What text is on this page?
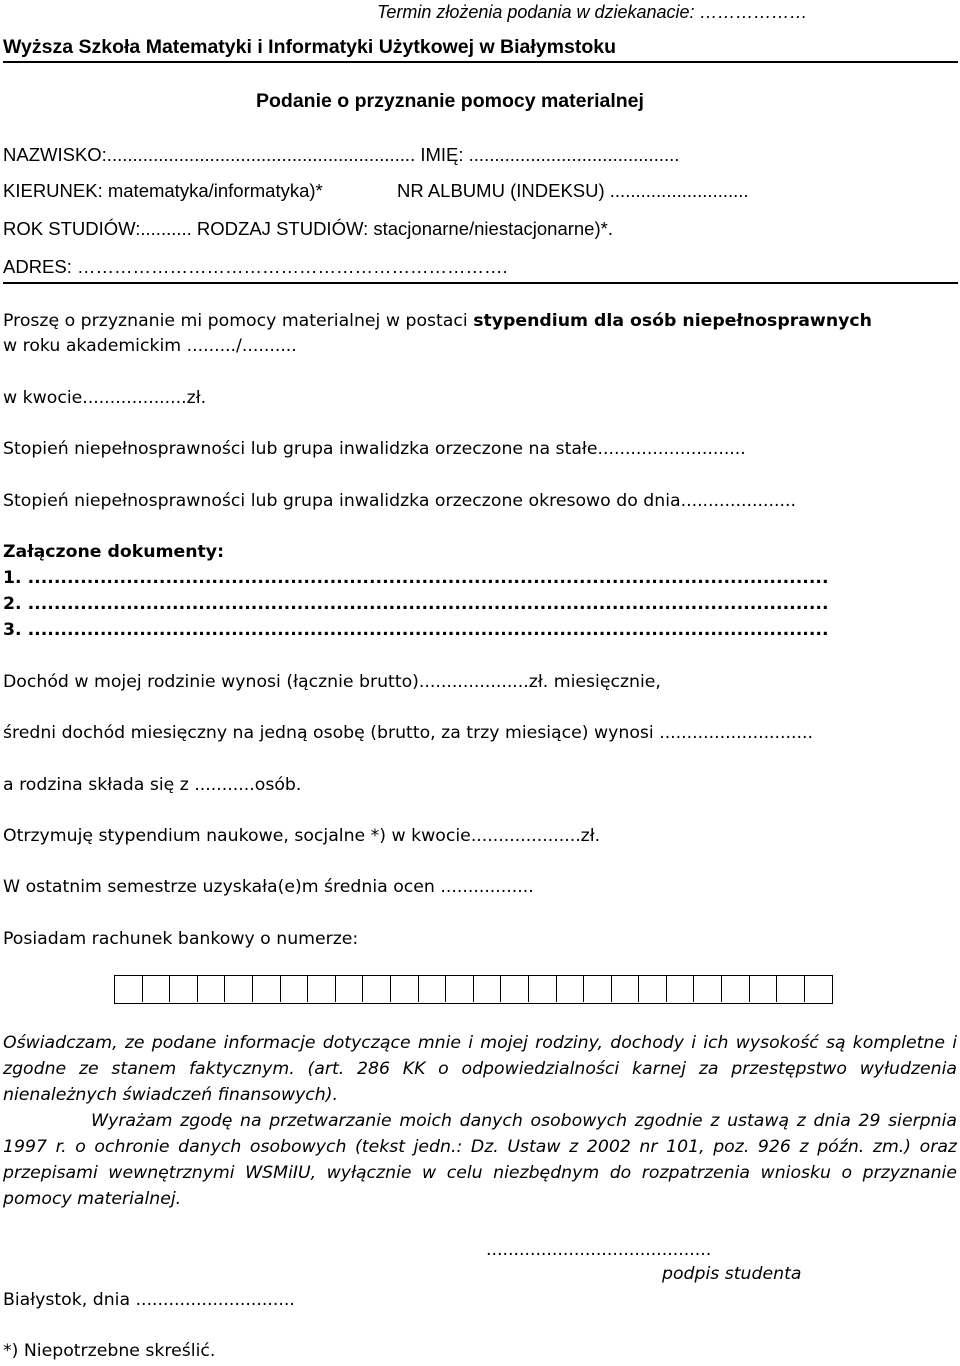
Termin złożenia podania w dziekanacie: ………………
Wyższa Szkoła Matematyki i Informatyki Użytkowej w Białymstoku
Podanie o przyznanie pomocy materialnej
NAZWISKO:............................................................ IMIĘ: .........................................
KIERUNEK: matematyka/informatyka)*	NR ALBUMU (INDEKSU) ...........................
ROK STUDIÓW:.......... RODZAJ STUDIÓW: stacjonarne/niestacjonarne)*.
ADRES: …………………………………………………………….
Proszę o przyznanie mi pomocy materialnej w postaci stypendium dla osób niepełnosprawnych
w roku akademickim ........./..........
w kwocie...................zł.
Stopień niepełnosprawności lub grupa inwalidzka orzeczone na stałe...........................
Stopień niepełnosprawności lub grupa inwalidzka orzeczone okresowo do dnia.....................
Załączone dokumenty:
1. ..........................................................................................................................
2. ..........................................................................................................................
3. ..........................................................................................................................
Dochód w mojej rodzinie wynosi (łącznie brutto)....................zł. miesięcznie,
średni dochód miesięczny na jedną osobę (brutto, za trzy miesiące) wynosi ............................
a rodzina składa się z ...........osób.
Otrzymuję stypendium naukowe, socjalne *) w kwocie....................zł.
W ostatnim semestrze uzyskała(e)m średnia ocen .................
Posiadam rachunek bankowy o numerze:

Oświadczam, ze podane informacje dotyczące mnie i mojej rodziny, dochody i ich wysokość są kompletne i zgodne ze stanem faktycznym. (art. 286 KK o odpowiedzialności karnej za przestępstwo wyłudzenia nienależnych świadczeń finansowych).

Wyrażam zgodę na przetwarzanie moich danych osobowych zgodnie z ustawą z dnia 29 sierpnia 1997 r. o ochronie danych osobowych (tekst jedn.: Dz. Ustaw z 2002 nr 101, poz. 926 z późn. zm.) oraz przepisami wewnętrznymi WSMiIU, wyłącznie w celu niezbędnym do rozpatrzenia wniosku o przyznanie pomocy materialnej.

.........................................
podpis studenta
Białystok, dnia .............................
*) Niepotrzebne skreślić.
